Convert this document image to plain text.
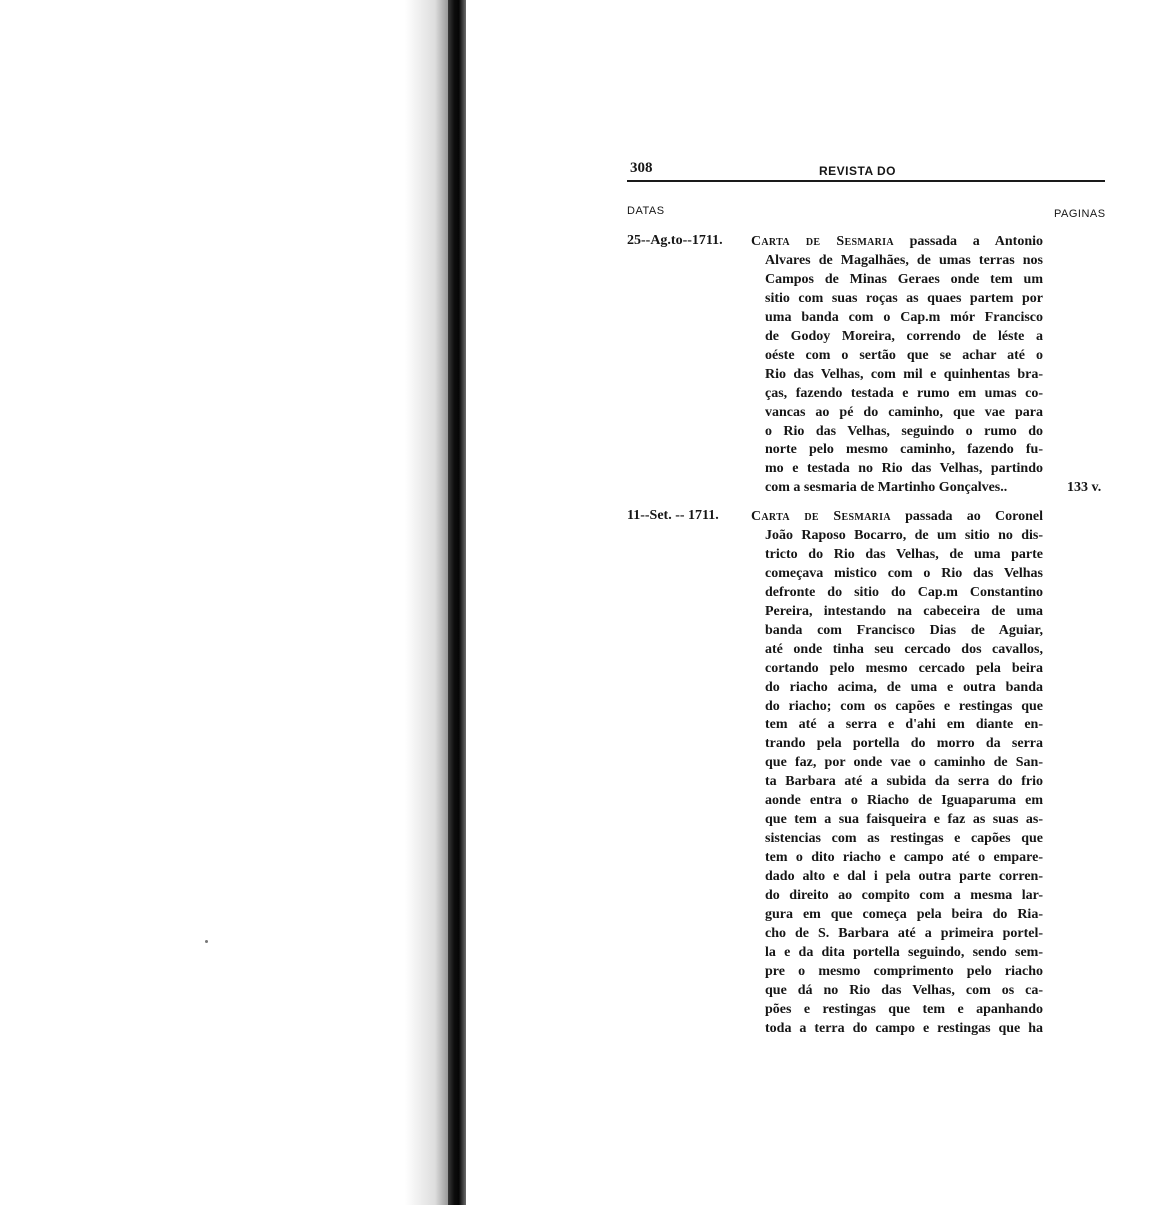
308	REVISTA DO
DATAS	PAGINAS
25--Ag.to--1711. Carta de Sesmaria passada a Antonio
Alvares de Magalhães, de umas terras nos
Campos de Minas Geraes onde tem um
sitio com suas roças as quaes partem por
uma banda com o Cap.m mór Francisco
de Godoy Moreira, correndo de léste a
oéste com o sertão que se achar até o
Rio das Velhas, com mil e quinhentas bra-
ças, fazendo testada e rumo em umas co-
vancas ao pé do caminho, que vae para
o Rio das Velhas, seguindo o rumo do
norte pelo mesmo caminho, fazendo fu-
mo e testada no Rio das Velhas, partindo
com a sesmaria de Martinho Gonçalves..	133 v.
11--Set. -- 1711. Carta de Sesmaria passada ao Coronel
João Raposo Bocarro, de um sitio no dis-
tricto do Rio das Velhas, de uma parte
começava mistico com o Rio das Velhas
defronte do sitio do Cap.m Constantino
Pereira, intestando na cabeceira de uma
banda com Francisco Dias de Aguiar,
até onde tinha seu cercado dos cavallos,
cortando pelo mesmo cercado pela beira
do riacho acima, de uma e outra banda
do riacho; com os capões e restingas que
tem até a serra e d'ahi em diante en-
trando pela portella do morro da serra
que faz, por onde vae o caminho de San-
ta Barbara até a subida da serra do frio
aonde entra o Riacho de Iguaparuma em
que tem a sua faisqueira e faz as suas as-
sistencias com as restingas e capões que
tem o dito riacho e campo até o empare-
dado alto e dal i pela outra parte corren-
do direito ao compito com a mesma lar-
gura em que começa pela beira do Ria-
cho de S. Barbara até a primeira portel-
la e da dita portella seguindo, sendo sem-
pre o mesmo comprimento pelo riacho
que dá no Rio das Velhas, com os ca-
pões e restingas que tem e apanhando
toda a terra do campo e restingas que ha
